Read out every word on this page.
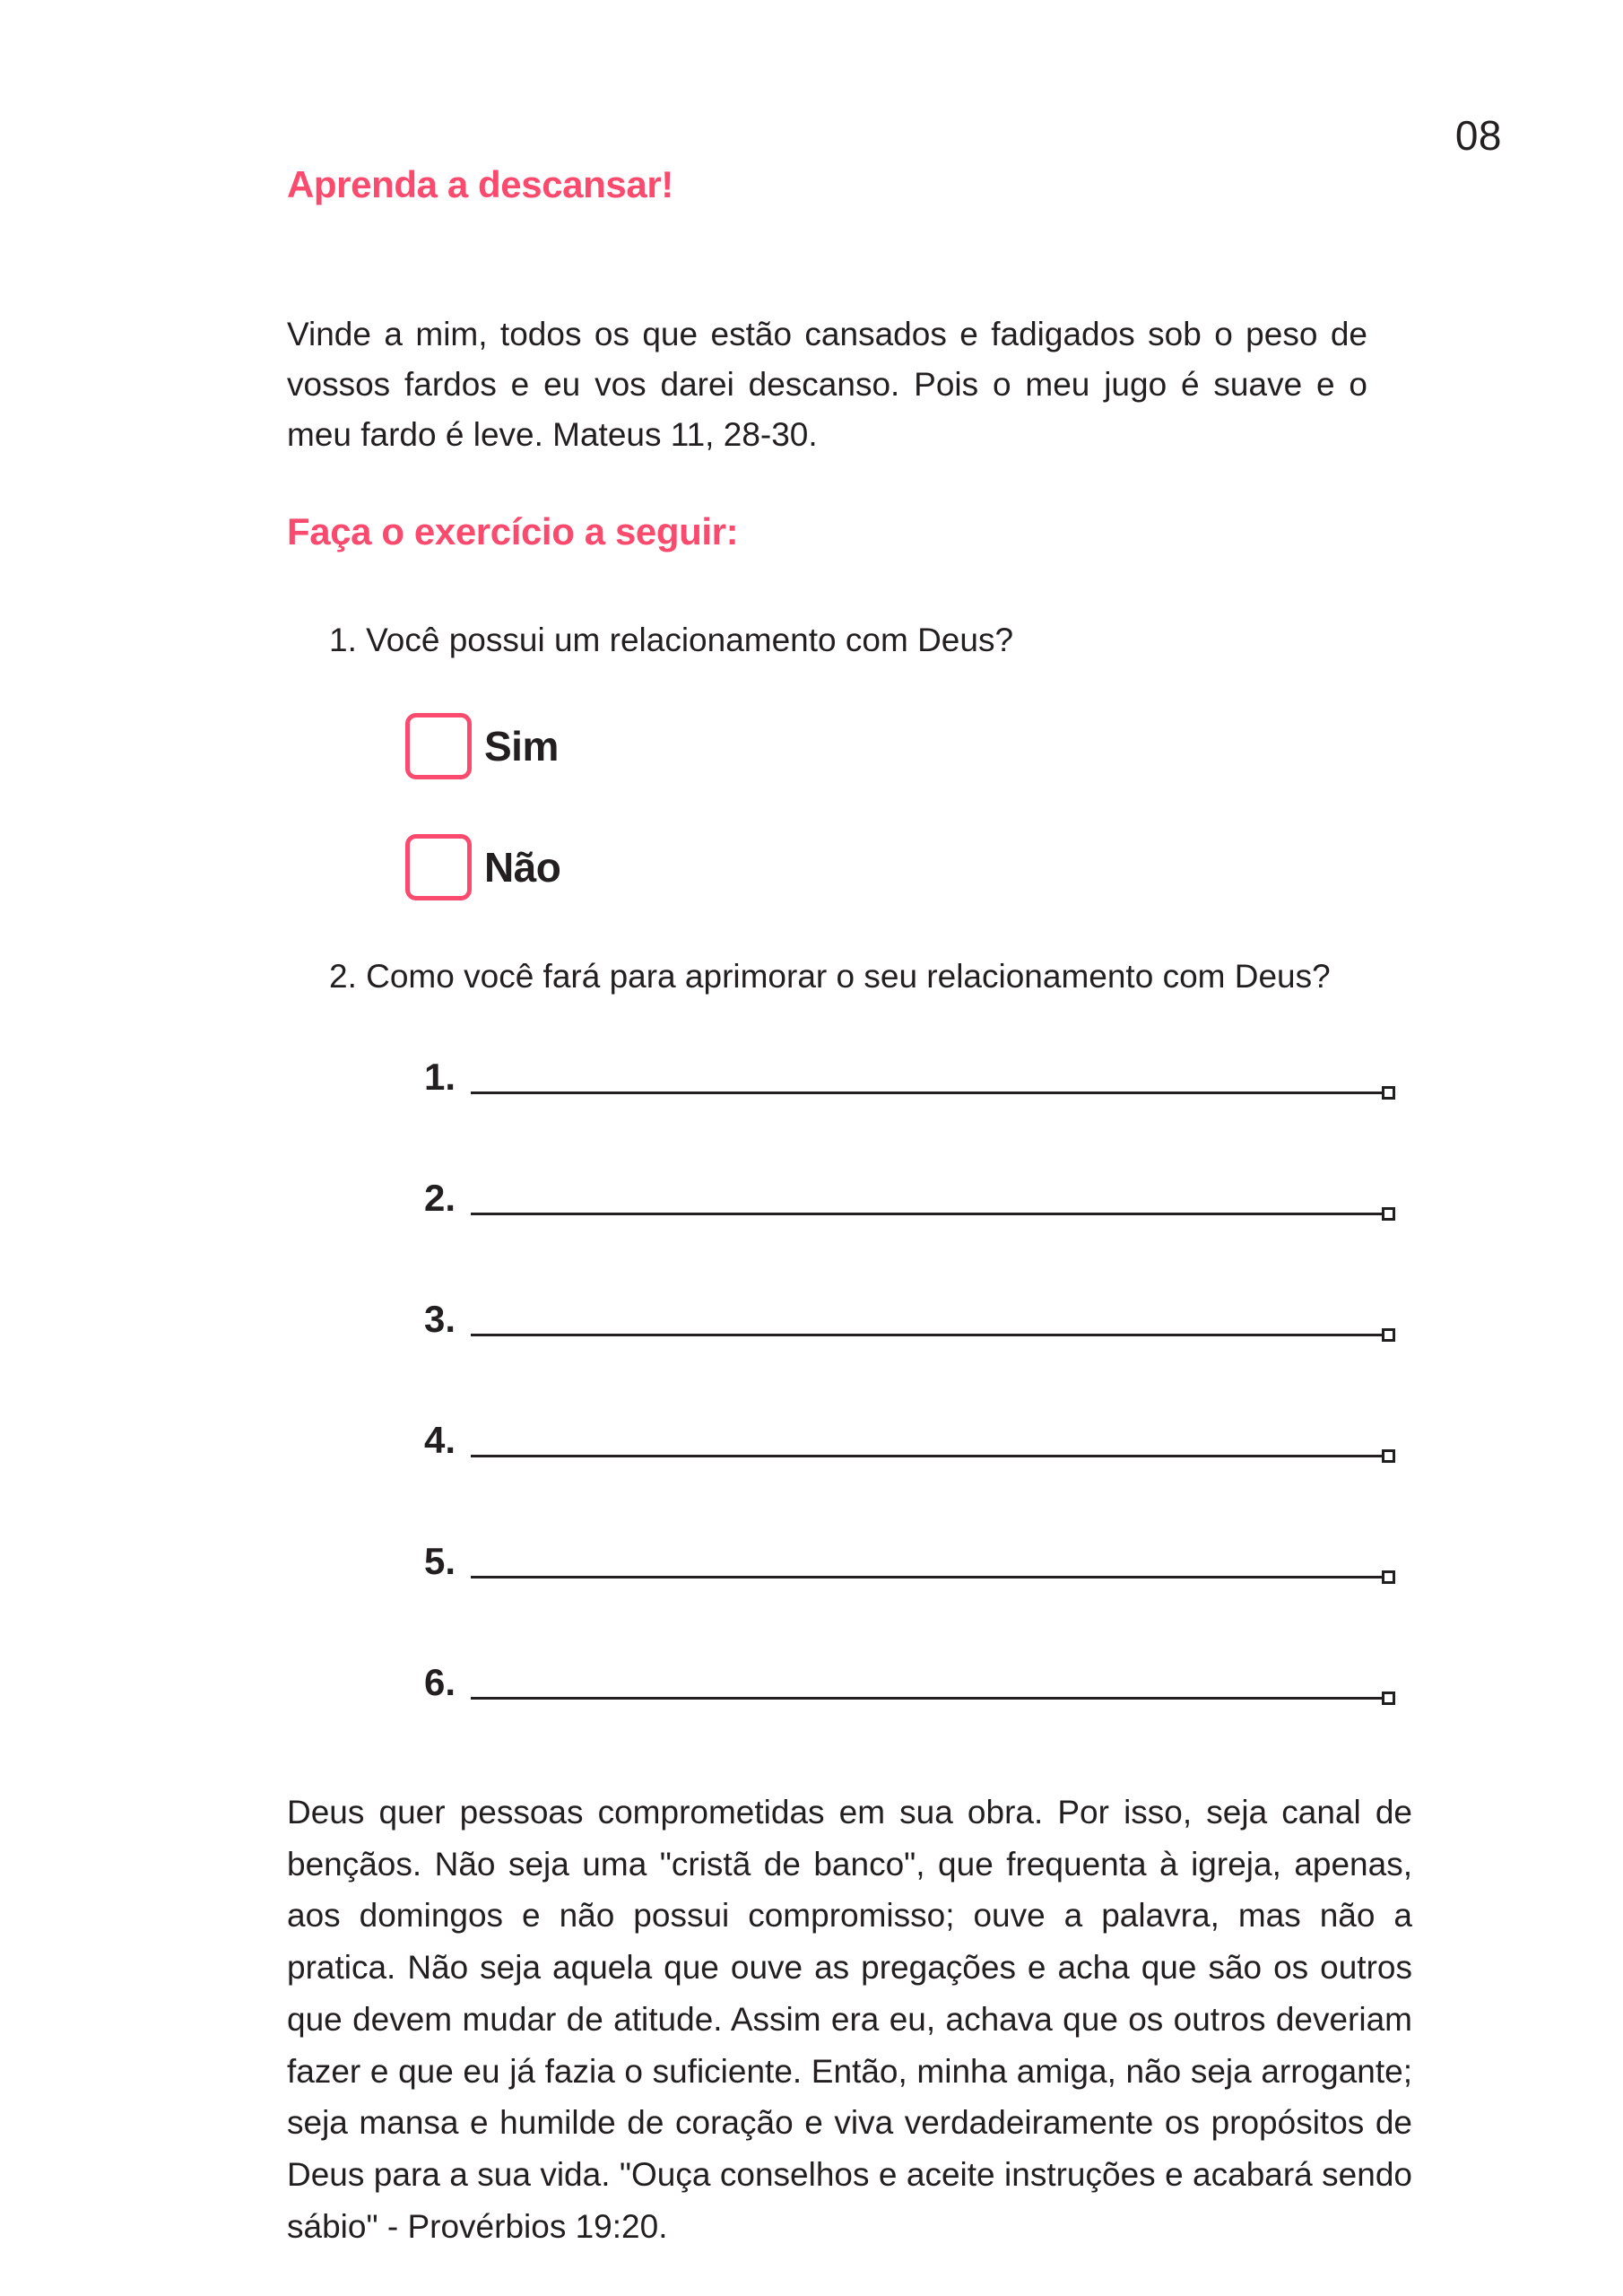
08
Aprenda a descansar!

Vinde a mim, todos os que estão cansados e fadigados sob o peso de vossos fardos e eu vos darei descanso. Pois o meu jugo é suave e o meu fardo é leve. Mateus 11, 28-30.

Faça o exercício a seguir:
1. Você possui um relacionamento com Deus?
Sim
Não
2. Como você fará para aprimorar o seu relacionamento com Deus?
1.
2.
3.
4.
5.
6.

Deus quer pessoas comprometidas em sua obra. Por isso, seja canal de bençãos. Não seja uma "cristã de banco", que frequenta à igreja, apenas, aos domingos e não possui compromisso; ouve a palavra, mas não a pratica. Não seja aquela que ouve as pregações e acha que são os outros que devem mudar de atitude. Assim era eu, achava que os outros deveriam fazer e que eu já fazia o suficiente. Então, minha amiga, não seja arrogante; seja mansa e humilde de coração e viva verdadeiramente os propósitos de Deus para a sua vida. "Ouça conselhos e aceite instruções e acabará sendo sábio" - Provérbios 19:20.
